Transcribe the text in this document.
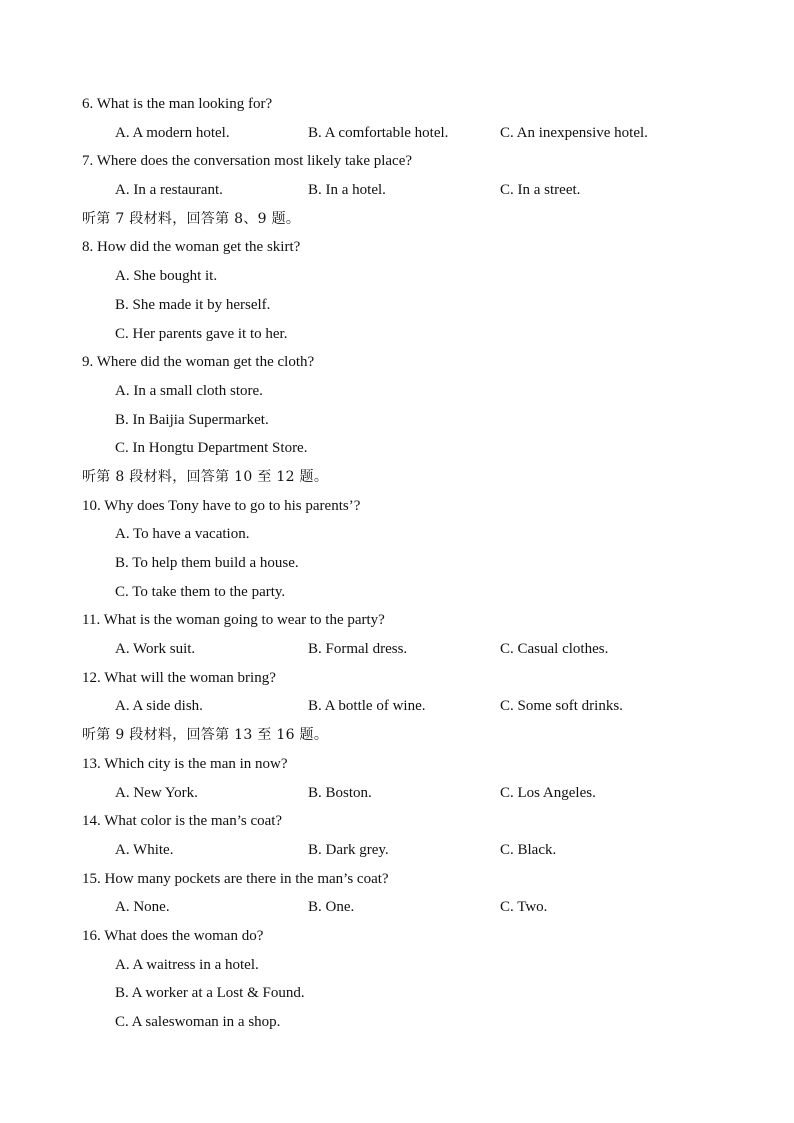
6. What is the man looking for?
A. A modern hotel.	B. A comfortable hotel.	C. An inexpensive hotel.
7. Where does the conversation most likely take place?
A. In a restaurant.	B. In a hotel.	C. In a street.
听第 7 段材料，回答第 8、9 题。
8. How did the woman get the skirt?
A. She bought it.
B. She made it by herself.
C. Her parents gave it to her.
9. Where did the woman get the cloth?
A. In a small cloth store.
B. In Baijia Supermarket.
C. In Hongtu Department Store.
听第 8 段材料，回答第 10 至 12 题。
10. Why does Tony have to go to his parents’?
A. To have a vacation.
B. To help them build a house.
C. To take them to the party.
11. What is the woman going to wear to the party?
A. Work suit.	B. Formal dress.	C. Casual clothes.
12. What will the woman bring?
A. A side dish.	B. A bottle of wine.	C. Some soft drinks.
听第 9 段材料，回答第 13 至 16 题。
13. Which city is the man in now?
A. New York.	B. Boston.	C. Los Angeles.
14. What color is the man’s coat?
A. White.	B. Dark grey.	C. Black.
15. How many pockets are there in the man’s coat?
A. None.	B. One.	C. Two.
16. What does the woman do?
A. A waitress in a hotel.
B. A worker at a Lost & Found.
C. A saleswoman in a shop.
